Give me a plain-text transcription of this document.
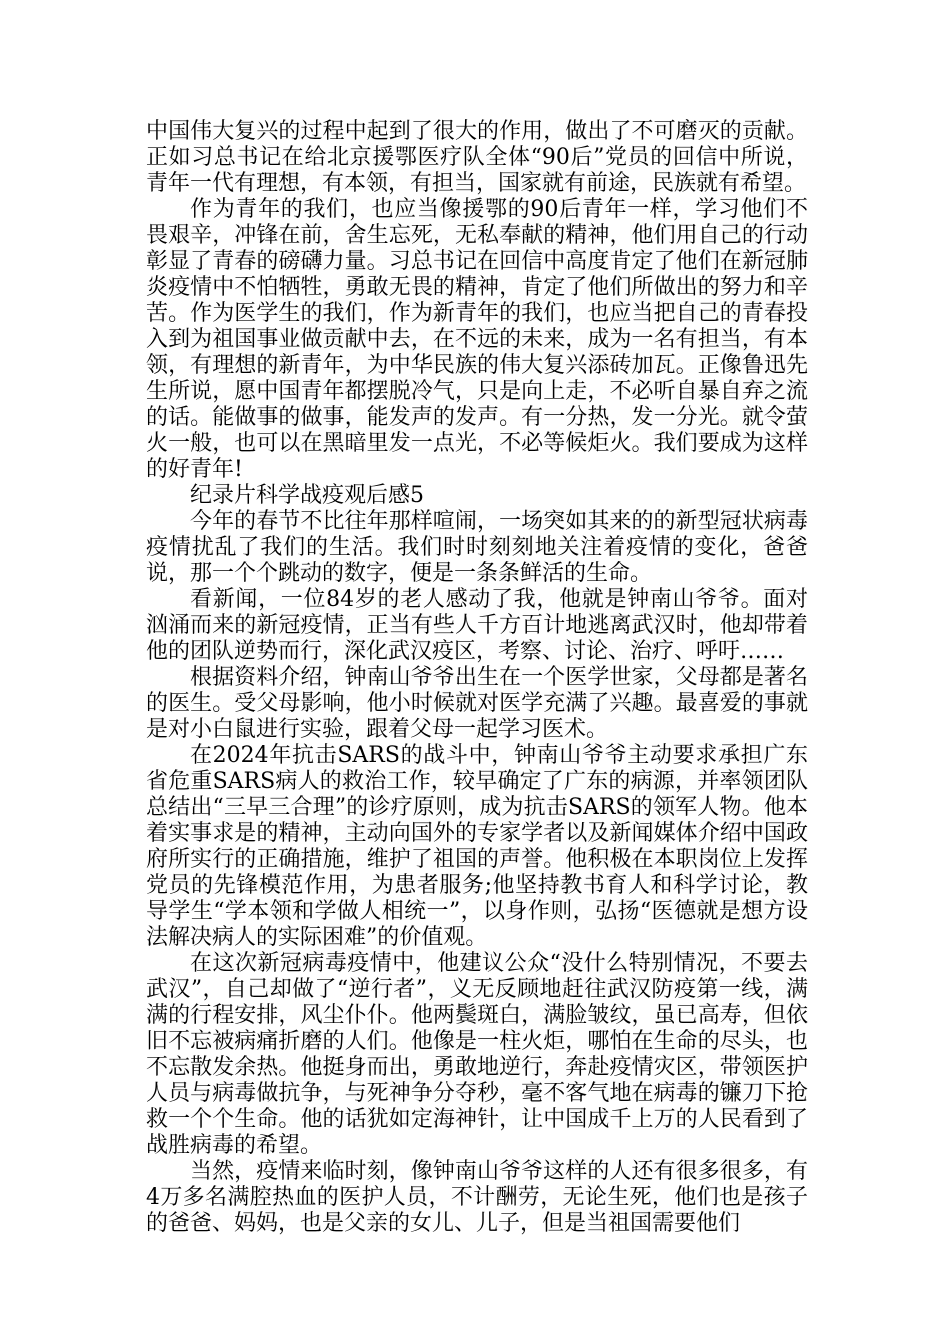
中国伟大复兴的过程中起到了很大的作用，做出了不可磨灭的贡献。正如习总书记在给北京援鄂医疗队全体“90后”党员的回信中所说，青年一代有理想，有本领，有担当，国家就有前途，民族就有希望。

作为青年的我们，也应当像援鄂的90后青年一样，学习他们不畏艰辛，冲锋在前，舍生忘死，无私奉献的精神，他们用自己的行动彰显了青春的磅礴力量。习总书记在回信中高度肯定了他们在新冠肺炎疫情中不怕牺牲，勇敢无畏的精神，肯定了他们所做出的努力和辛苦。作为医学生的我们，作为新青年的我们，也应当把自己的青春投入到为祖国事业做贡献中去，在不远的未来，成为一名有担当，有本领，有理想的新青年，为中华民族的伟大复兴添砖加瓦。正像鲁迅先生所说，愿中国青年都摆脱冷气，只是向上走，不必听自暴自弃之流的话。能做事的做事，能发声的发声。有一分热，发一分光。就令萤火一般，也可以在黑暗里发一点光，不必等候炬火。我们要成为这样的好青年!

纪录片科学战疫观后感5

今年的春节不比往年那样喧闹，一场突如其来的的新型冠状病毒疫情扰乱了我们的生活。我们时时刻刻地关注着疫情的变化，爸爸说，那一个个跳动的数字，便是一条条鲜活的生命。

看新闻，一位84岁的老人感动了我，他就是钟南山爷爷。面对汹涌而来的新冠疫情，正当有些人千方百计地逃离武汉时，他却带着他的团队逆势而行，深化武汉疫区，考察、讨论、治疗、呼吁……

根据资料介绍，钟南山爷爷出生在一个医学世家，父母都是著名的医生。受父母影响，他小时候就对医学充满了兴趣。最喜爱的事就是对小白鼠进行实验，跟着父母一起学习医术。

在2024年抗击SARS的战斗中，钟南山爷爷主动要求承担广东省危重SARS病人的救治工作，较早确定了广东的病源，并率领团队总结出“三早三合理”的诊疗原则，成为抗击SARS的领军人物。他本着实事求是的精神，主动向国外的专家学者以及新闻媒体介绍中国政府所实行的正确措施，维护了祖国的声誉。他积极在本职岗位上发挥党员的先锋模范作用，为患者服务;他坚持教书育人和科学讨论，教导学生“学本领和学做人相统一”，以身作则，弘扬“医德就是想方设法解决病人的实际困难”的价值观。

在这次新冠病毒疫情中，他建议公众“没什么特别情况，不要去武汉”，自己却做了“逆行者”，义无反顾地赶往武汉防疫第一线，满满的行程安排，风尘仆仆。他两鬓斑白，满脸皱纹，虽已高寿，但依旧不忘被病痛折磨的人们。他像是一柱火炬，哪怕在生命的尽头，也不忘散发余热。他挺身而出，勇敢地逆行，奔赴疫情灾区，带领医护人员与病毒做抗争，与死神争分夺秒，毫不客气地在病毒的镰刀下抢救一个个生命。他的话犹如定海神针，让中国成千上万的人民看到了战胜病毒的希望。

当然，疫情来临时刻，像钟南山爷爷这样的人还有很多很多，有4万多名满腔热血的医护人员，不计酬劳，无论生死，他们也是孩子的爸爸、妈妈，也是父亲的女儿、儿子，但是当祖国需要他们
